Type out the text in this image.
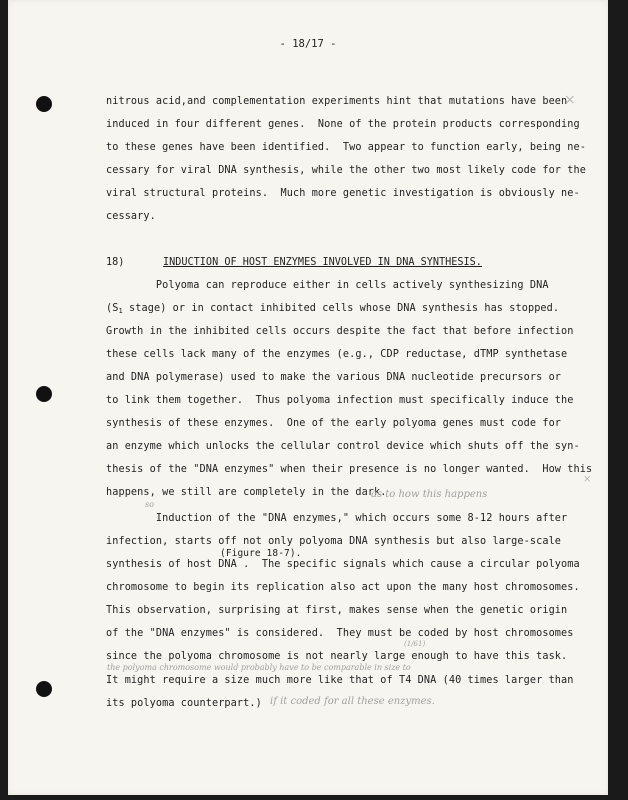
- 18/17 -
nitrous acid,and complementation experiments hint that mutations have been
induced in four different genes.  None of the protein products corresponding
to these genes have been identified.  Two appear to function early, being ne-
cessary for viral DNA synthesis, while the other two most likely code for the
viral structural proteins.  Much more genetic investigation is obviously ne-
cessary.
18)	INDUCTION OF HOST ENZYMES INVOLVED IN DNA SYNTHESIS.
Polyoma can reproduce either in cells actively synthesizing DNA
($S_1$ stage) or in contact inhibited cells whose DNA synthesis has stopped.
Growth in the inhibited cells occurs despite the fact that before infection
these cells lack many of the enzymes (e.g., CDP reductase, dTMP synthetase
and DNA polymerase) used to make the various DNA nucleotide precursors or
to link them together.  Thus polyoma infection must specifically induce the
synthesis of these enzymes.  One of the early polyoma genes must code for
an enzyme which unlocks the cellular control device which shuts off the syn-
thesis of the "DNA enzymes" when their presence is no longer wanted.  How this
happens, we still are completely in the dark.
as to how this happens
so
Induction of the "DNA enzymes," which occurs some 8-12 hours after
infection, starts off not only polyoma DNA synthesis but also large-scale
(Figure 18-7).
synthesis of host DNA .  The specific signals which cause a circular polyoma
chromosome to begin its replication also act upon the many host chromosomes.
This observation, surprising at first, makes sense when the genetic origin
of the "DNA enzymes" is considered.  They must be coded by host chromosomes
since the polyoma chromosome is not nearly large enough to have this task.
the polyoma chromosome would probably have to be comparable in size to
(1/61)
It might require a size much more like that of T4 DNA (40 times larger than
its polyoma counterpart.) if it coded for all these enzymes.
×
×
